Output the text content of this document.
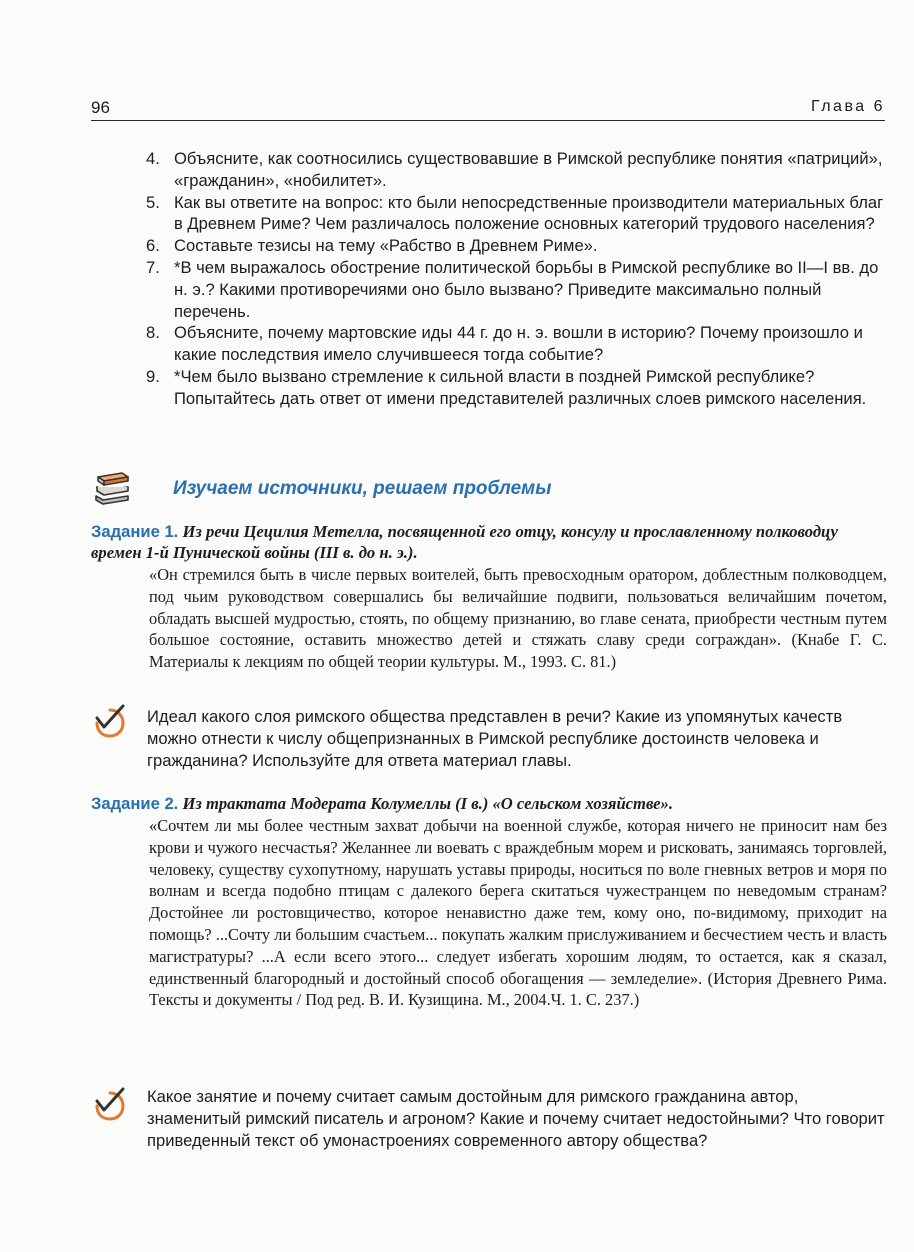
96	Глава 6
4. Объясните, как соотносились существовавшие в Римской республике понятия «патриций», «гражданин», «нобилитет».
5. Как вы ответите на вопрос: кто были непосредственные производители материальных благ в Древнем Риме? Чем различалось положение основных категорий трудового населения?
6. Составьте тезисы на тему «Рабство в Древнем Риме».
7. *В чем выражалось обострение политической борьбы в Римской республике во II—I вв. до н. э.? Какими противоречиями оно было вызвано? Приведите максимально полный перечень.
8. Объясните, почему мартовские иды 44 г. до н. э. вошли в историю? Почему произошло и какие последствия имело случившееся тогда событие?
9. *Чем было вызвано стремление к сильной власти в поздней Римской республике? Попытайтесь дать ответ от имени представителей различных слоев римского населения.
Изучаем источники, решаем проблемы
Задание 1. Из речи Цецилия Метелла, посвященной его отцу, консулу и прославленному полководцу времен 1-й Пунической войны (III в. до н. э.).
«Он стремился быть в числе первых воителей, быть превосходным оратором, доблестным полководцем, под чьим руководством совершались бы величайшие подвиги, пользоваться величайшим почетом, обладать высшей мудростью, стоять, по общему признанию, во главе сената, приобрести честным путем большое состояние, оставить множество детей и стяжать славу среди сограждан». (Кнабе Г. С. Материалы к лекциям по общей теории культуры. М., 1993. С. 81.)
Идеал какого слоя римского общества представлен в речи? Какие из упомянутых качеств можно отнести к числу общепризнанных в Римской республике достоинств человека и гражданина? Используйте для ответа материал главы.
Задание 2. Из трактата Модерата Колумеллы (I в.) «О сельском хозяйстве».
«Сочтем ли мы более честным захват добычи на военной службе, которая ничего не приносит нам без крови и чужого несчастья? Желаннее ли воевать с враждебным морем и рисковать, занимаясь торговлей, человеку, существу сухопутному, нарушать уставы природы, носиться по воле гневных ветров и моря по волнам и всегда подобно птицам с далекого берега скитаться чужестранцем по неведомым странам? Достойнее ли ростовщичество, которое ненавистно даже тем, кому оно, по-видимому, приходит на помощь? ...Сочту ли большим счастьем... покупать жалким прислуживанием и бесчестием честь и власть магистратуры? ...А если всего этого... следует избегать хорошим людям, то остается, как я сказал, единственный благородный и достойный способ обогащения — земледелие». (История Древнего Рима. Тексты и документы / Под ред. В. И. Кузищина. М., 2004.Ч. 1. С. 237.)
Какое занятие и почему считает самым достойным для римского гражданина автор, знаменитый римский писатель и агроном? Какие и почему считает недостойными? Что говорит приведенный текст об умонастроениях современного автору общества?
